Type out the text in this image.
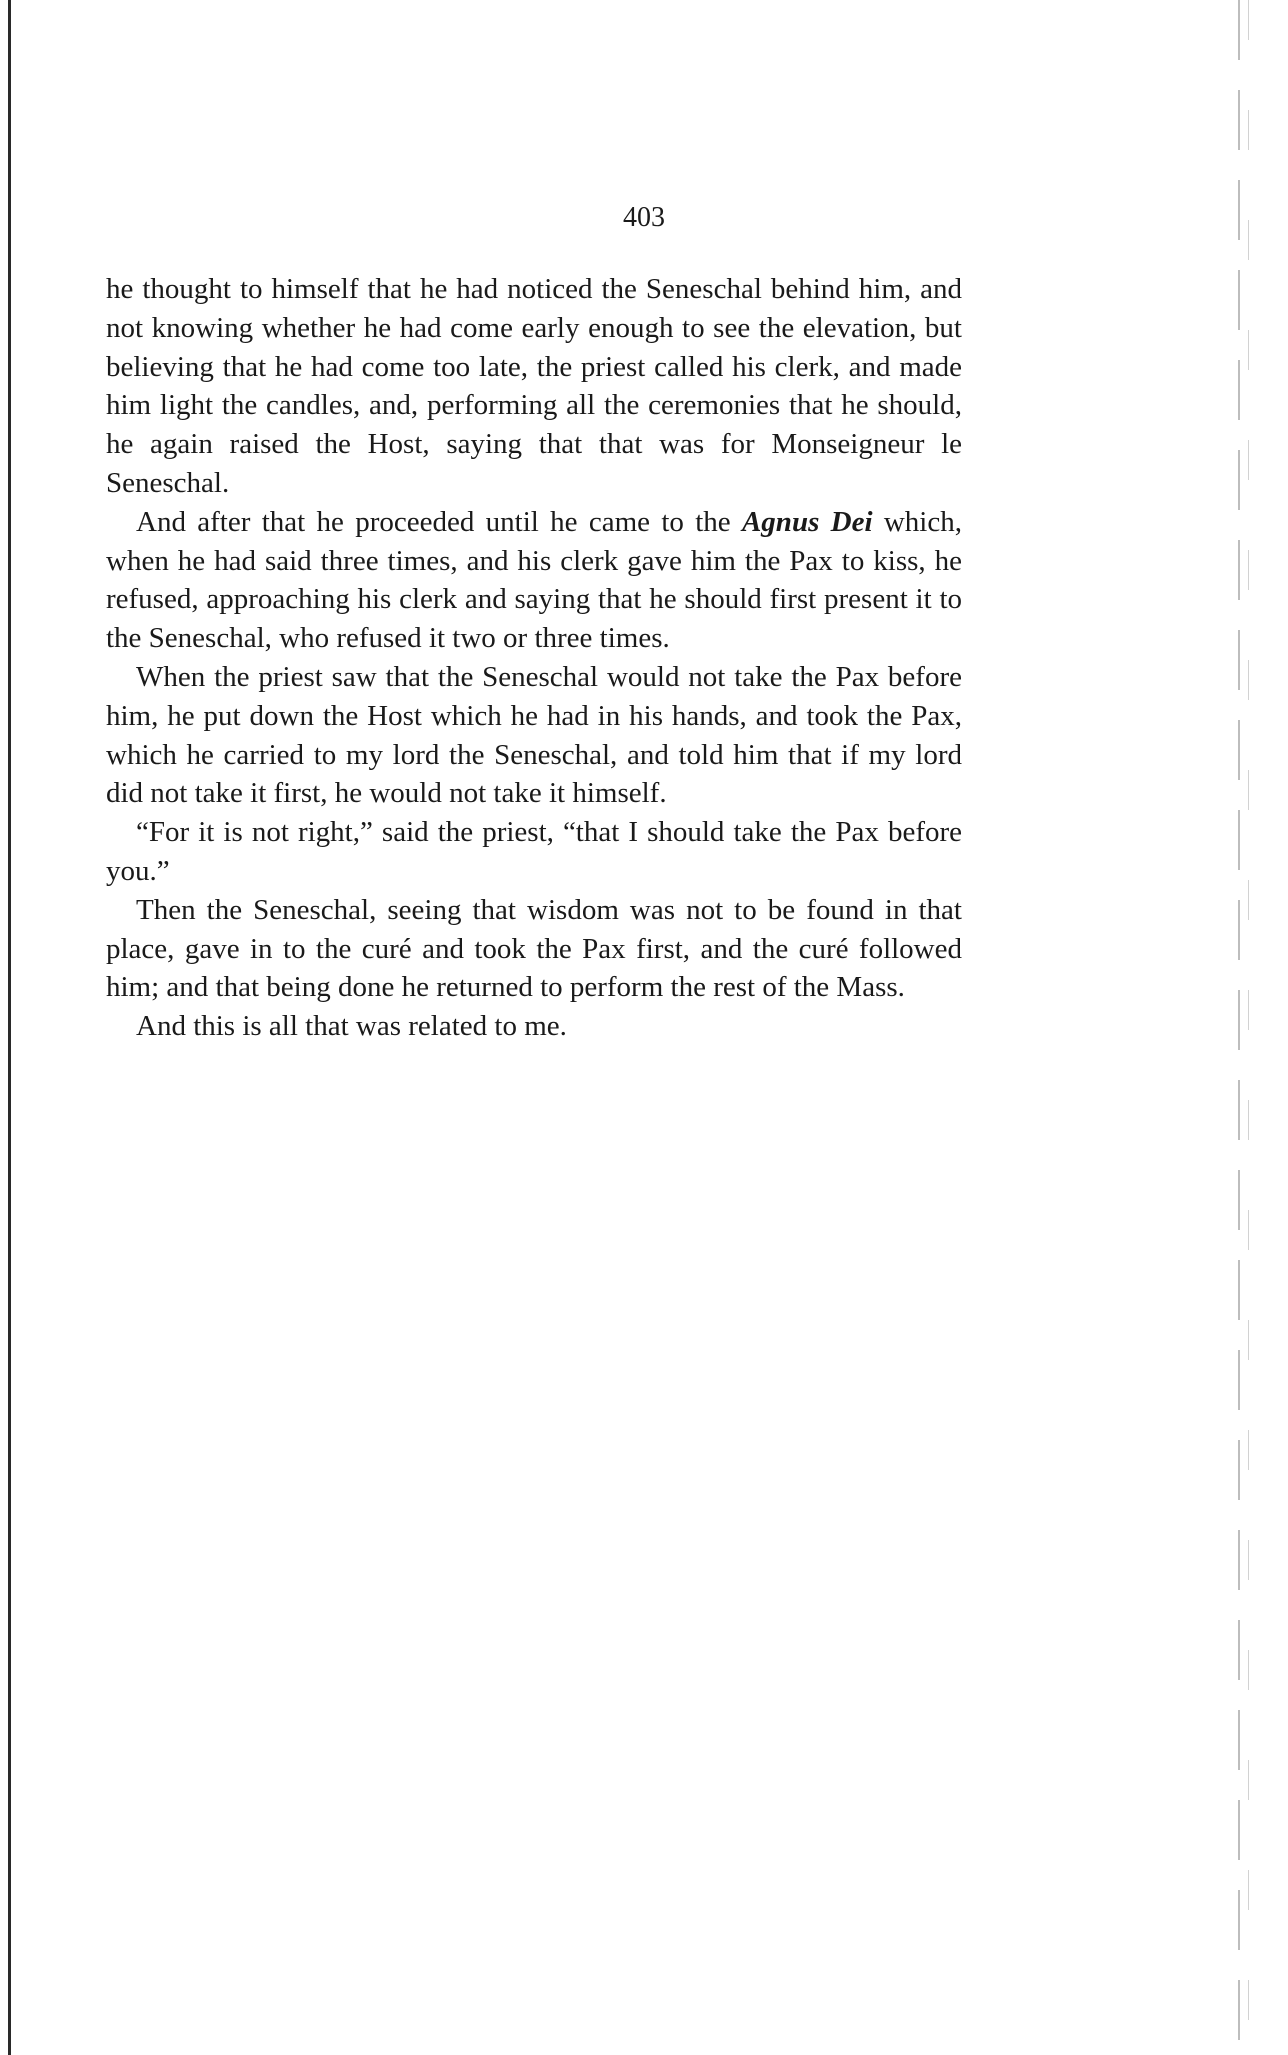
403

he thought to himself that he had noticed the Seneschal behind him, and not knowing whether he had come early enough to see the elevation, but believing that he had come too late, the priest called his clerk, and made him light the candles, and, performing all the ceremonies that he should, he again raised the Host, saying that that was for Monseigneur le Seneschal.

And after that he proceeded until he came to the Agnus Dei which, when he had said three times, and his clerk gave him the Pax to kiss, he refused, approaching his clerk and saying that he should first present it to the Seneschal, who refused it two or three times.

When the priest saw that the Seneschal would not take the Pax before him, he put down the Host which he had in his hands, and took the Pax, which he carried to my lord the Seneschal, and told him that if my lord did not take it first, he would not take it himself.

“For it is not right,” said the priest, “that I should take the Pax before you.”

Then the Seneschal, seeing that wisdom was not to be found in that place, gave in to the curé and took the Pax first, and the curé followed him; and that being done he returned to perform the rest of the Mass.

And this is all that was related to me.
